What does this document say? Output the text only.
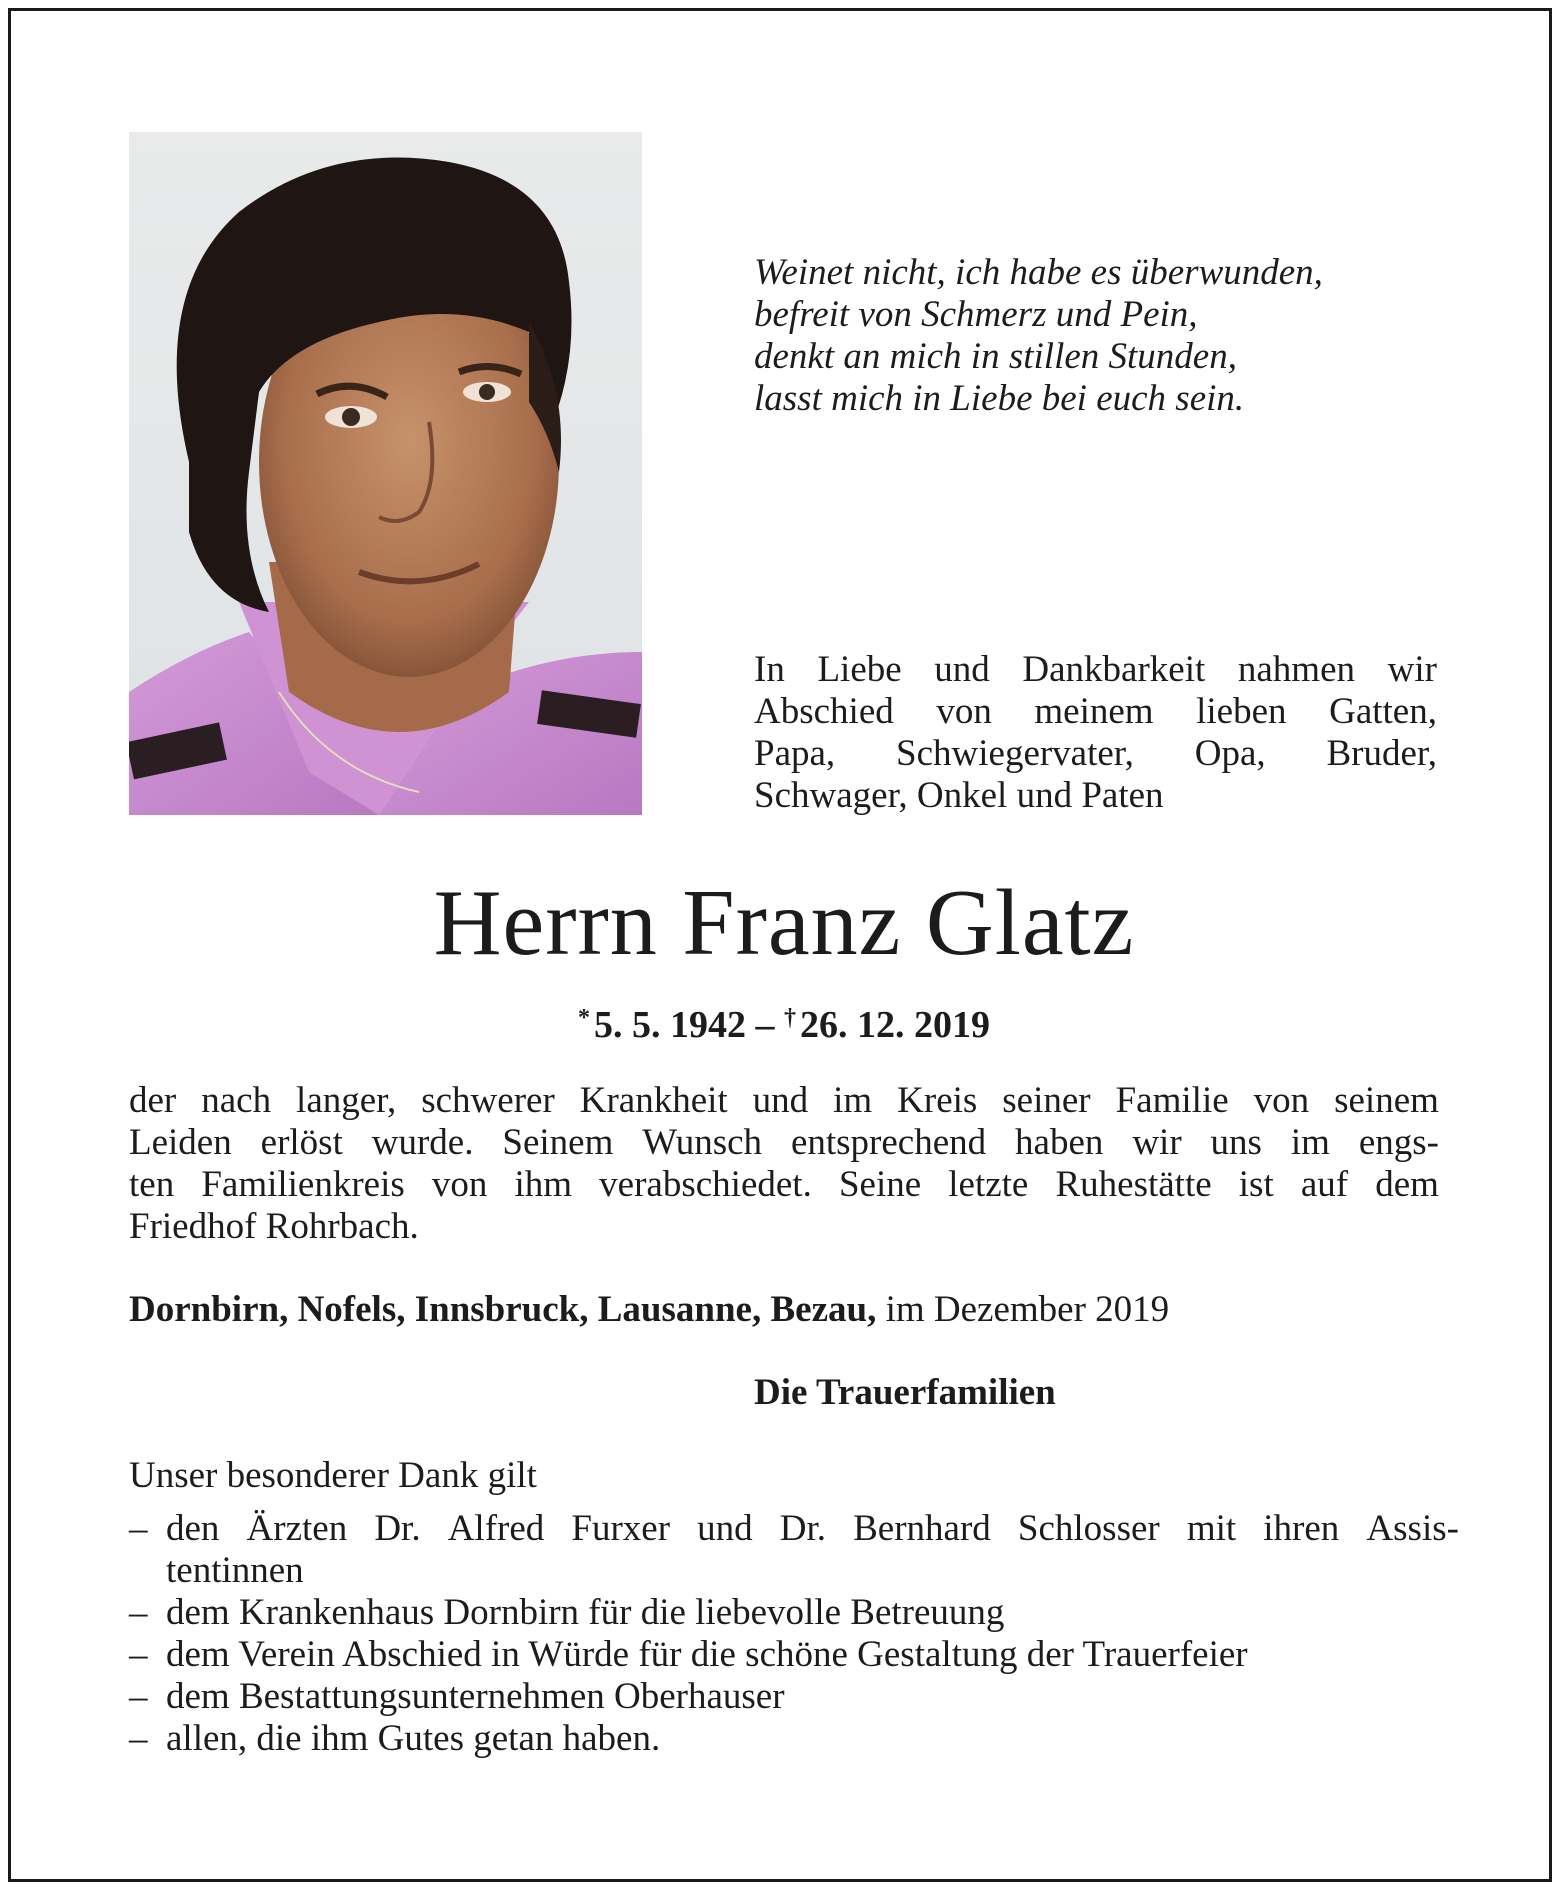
Weinet nicht, ich habe es überwunden,
befreit von Schmerz und Pein,
denkt an mich in stillen Stunden,
lasst mich in Liebe bei euch sein.
In Liebe und Dankbarkeit nahmen wir
Abschied von meinem lieben Gatten,
Papa, Schwiegervater, Opa, Bruder,
Schwager, Onkel und Paten
Herrn Franz Glatz
* 5. 5. 1942 – † 26. 12. 2019
der nach langer, schwerer Krankheit und im Kreis seiner Familie von seinem
Leiden erlöst wurde. Seinem Wunsch entsprechend haben wir uns im engs-
ten Familienkreis von ihm verabschiedet. Seine letzte Ruhestätte ist auf dem
Friedhof Rohrbach.
Dornbirn, Nofels, Innsbruck, Lausanne, Bezau, im Dezember 2019
Die Trauerfamilien
Unser besonderer Dank gilt
– den Ärzten Dr. Alfred Furxer und Dr. Bernhard Schlosser mit ihren Assis-
tentinnen
– dem Krankenhaus Dornbirn für die liebevolle Betreuung
– dem Verein Abschied in Würde für die schöne Gestaltung der Trauerfeier
– dem Bestattungsunternehmen Oberhauser
– allen, die ihm Gutes getan haben.
